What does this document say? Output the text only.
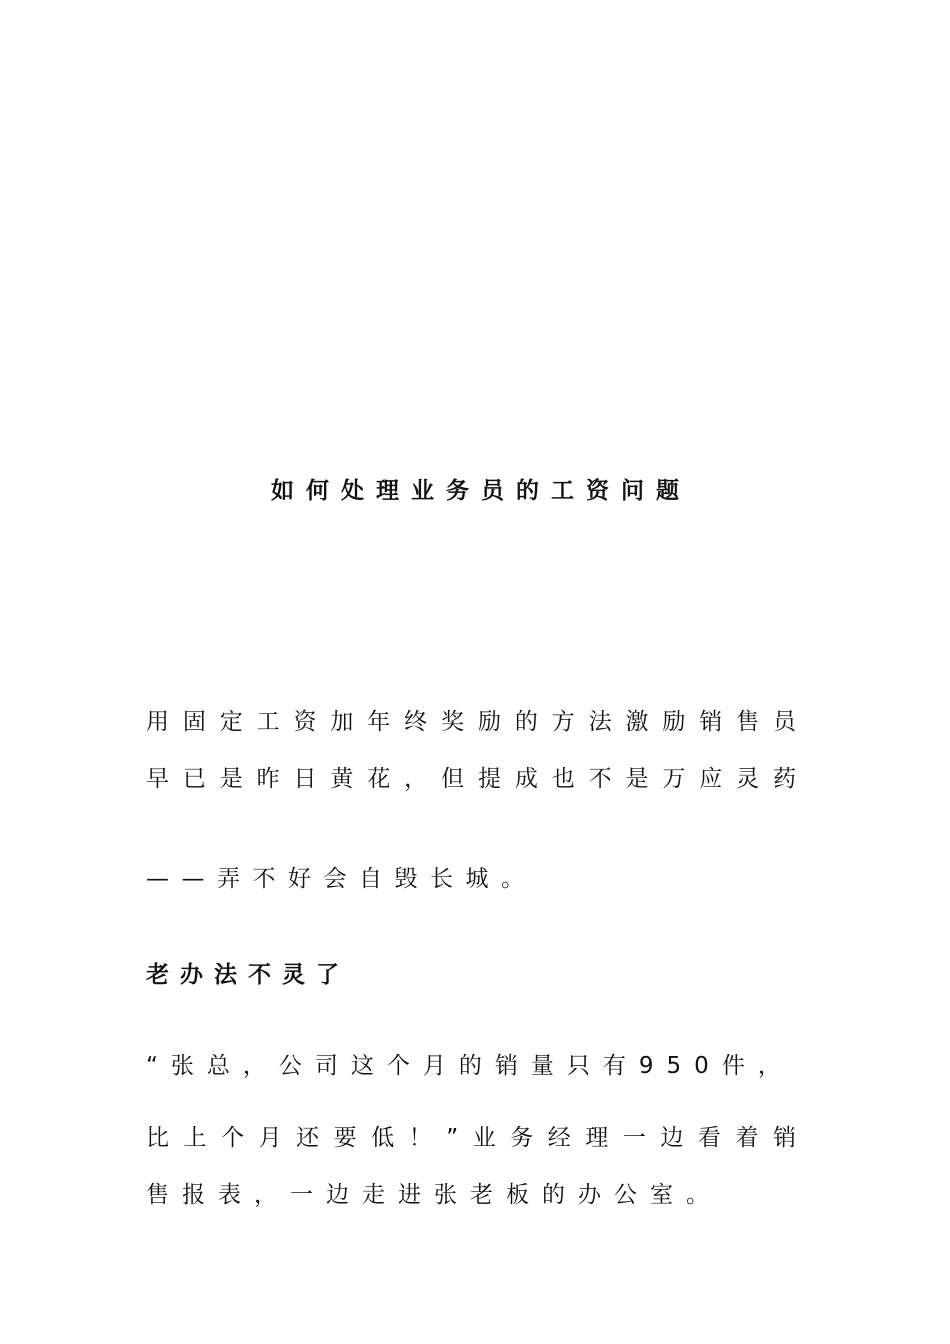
如何处理业务员的工资问题

用固定工资加年终奖励的方法激励销售员

早已是昨日黄花，但提成也不是万应灵药

——弄不好会自毁长城。

老办法不灵了

“张总，公司这个月的销量只有950件，

比上个月还要低！”业务经理一边看着销

售报表，一边走进张老板的办公室。
